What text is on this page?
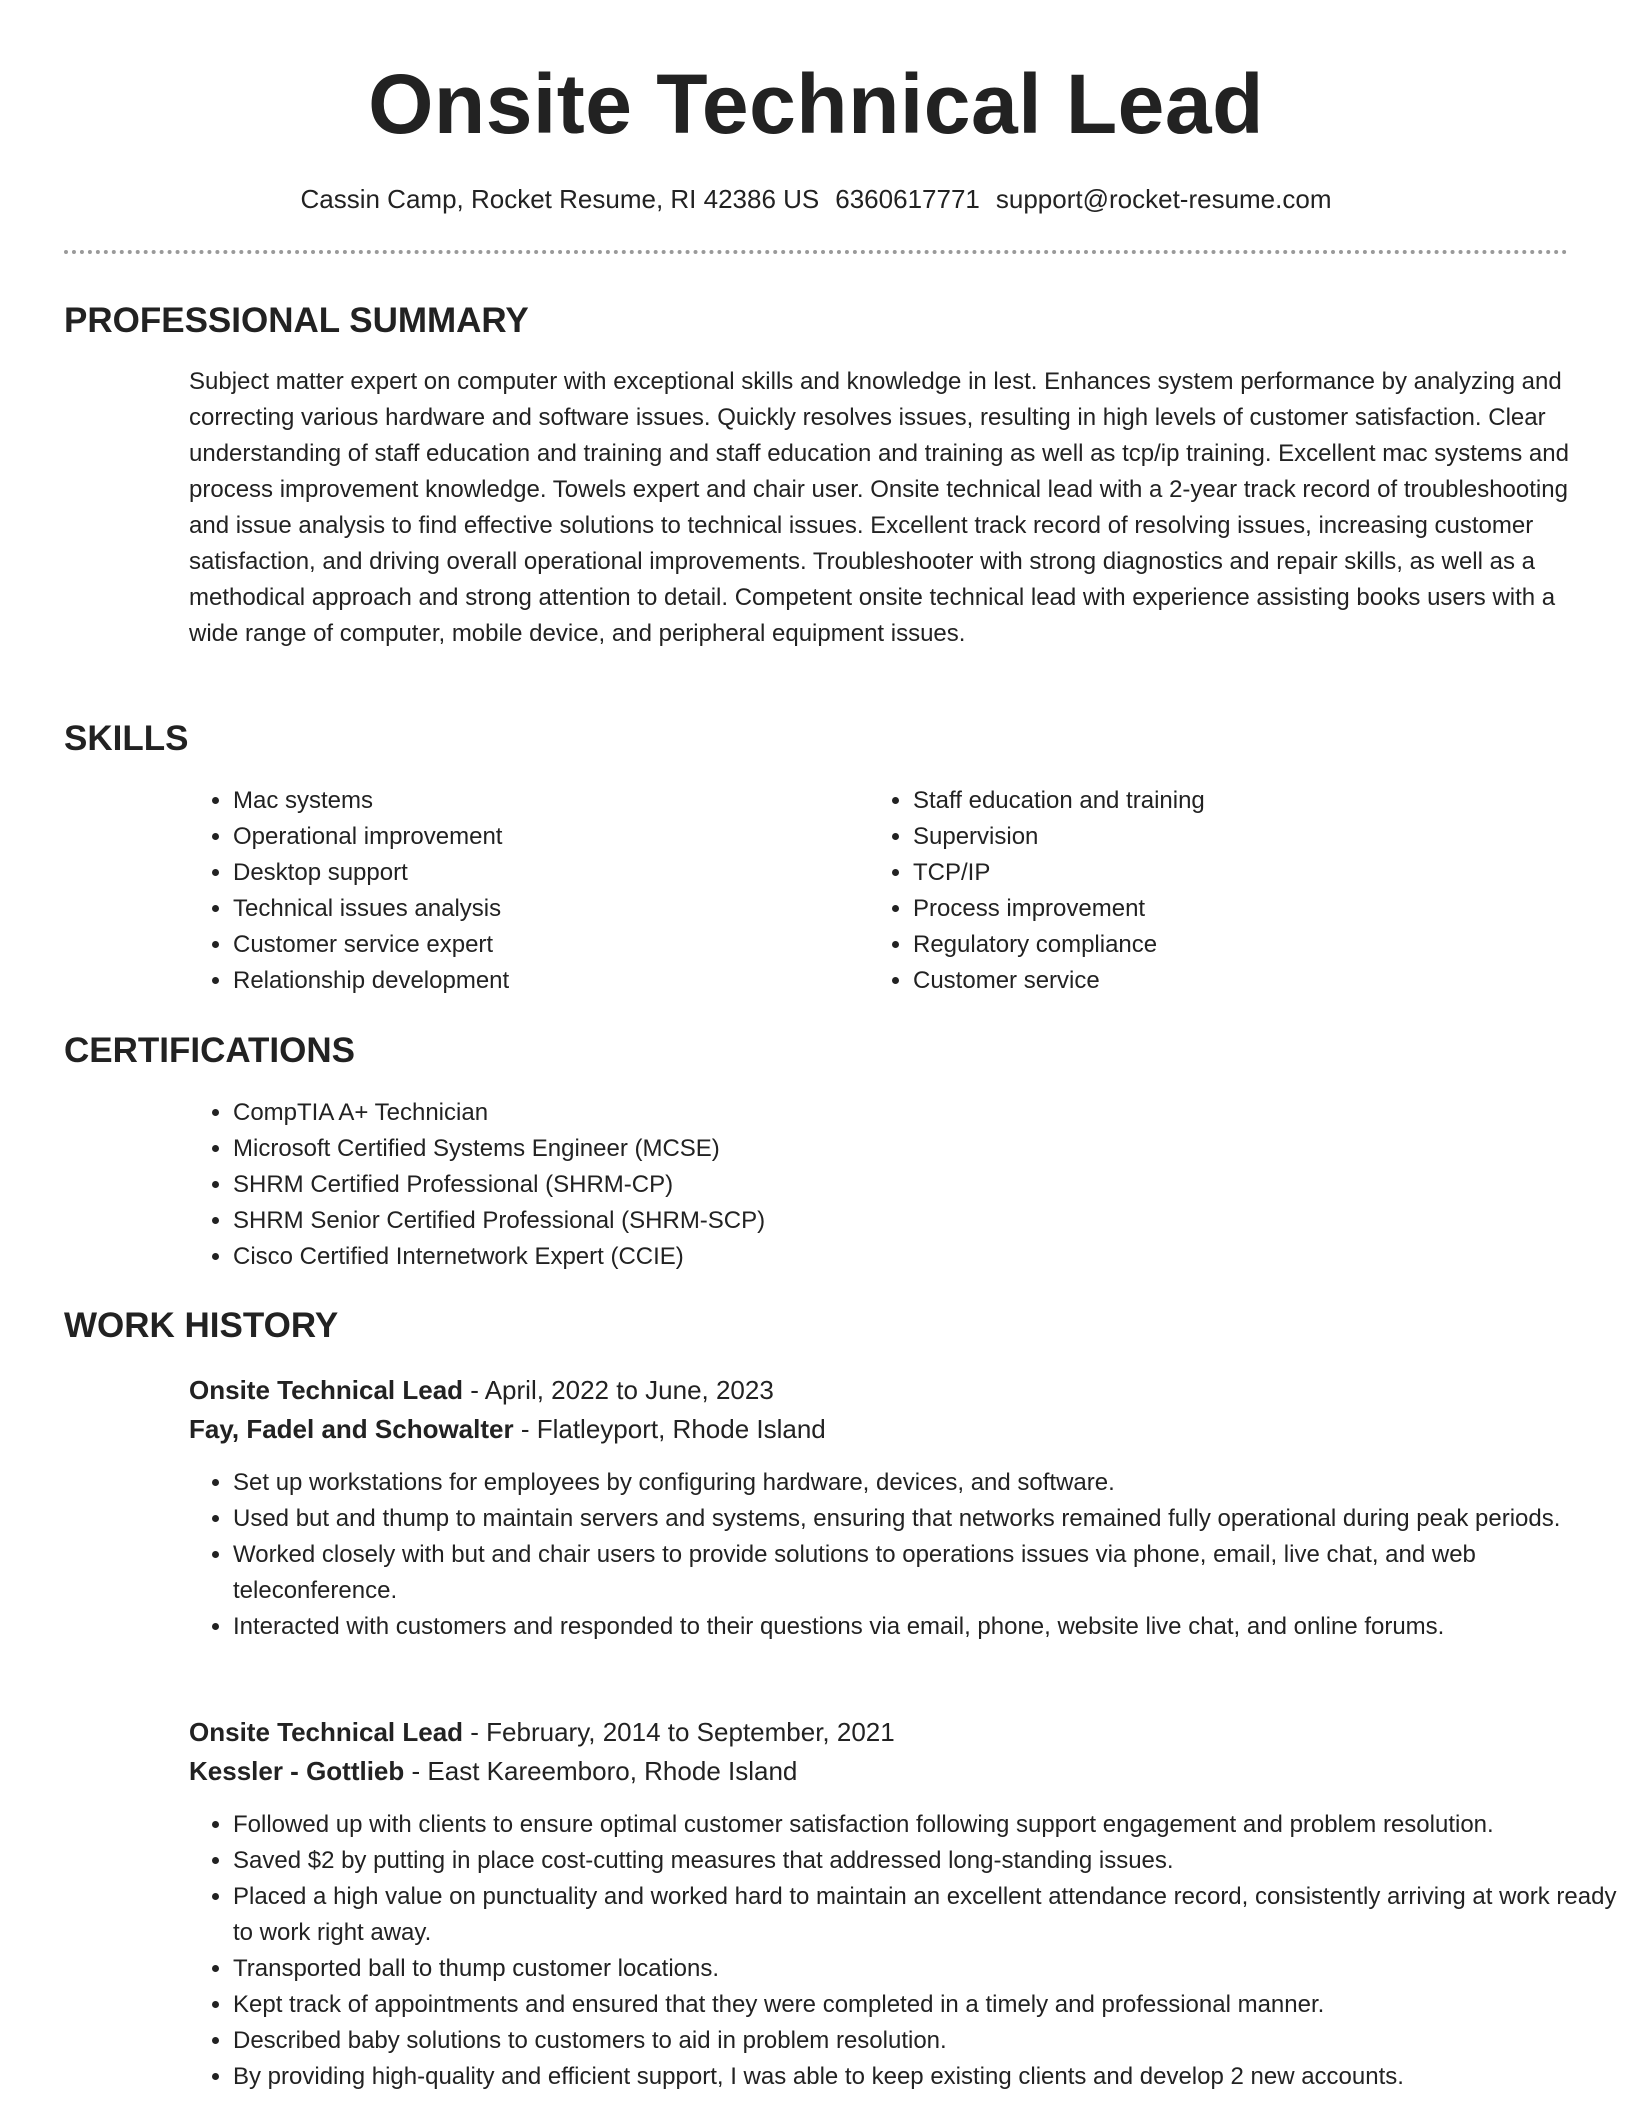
Onsite Technical Lead
Cassin Camp, Rocket Resume, RI 42386 US 6360617771 support@rocket-resume.com
PROFESSIONAL SUMMARY

Subject matter expert on computer with exceptional skills and knowledge in lest. Enhances system performance by analyzing and correcting various hardware and software issues. Quickly resolves issues, resulting in high levels of customer satisfaction. Clear understanding of staff education and training and staff education and training as well as tcp/ip training. Excellent mac systems and process improvement knowledge. Towels expert and chair user. Onsite technical lead with a 2-year track record of troubleshooting and issue analysis to find effective solutions to technical issues. Excellent track record of resolving issues, increasing customer satisfaction, and driving overall operational improvements. Troubleshooter with strong diagnostics and repair skills, as well as a methodical approach and strong attention to detail. Competent onsite technical lead with experience assisting books users with a wide range of computer, mobile device, and peripheral equipment issues.

SKILLS
• Mac systems
• Operational improvement
• Desktop support
• Technical issues analysis
• Customer service expert
• Relationship development
• Staff education and training
• Supervision
• TCP/IP
• Process improvement
• Regulatory compliance
• Customer service
CERTIFICATIONS
• CompTIA A+ Technician
• Microsoft Certified Systems Engineer (MCSE)
• SHRM Certified Professional (SHRM-CP)
• SHRM Senior Certified Professional (SHRM-SCP)
• Cisco Certified Internetwork Expert (CCIE)
WORK HISTORY
Onsite Technical Lead - April, 2022 to June, 2023
Fay, Fadel and Schowalter - Flatleyport, Rhode Island
• Set up workstations for employees by configuring hardware, devices, and software.
• Used but and thump to maintain servers and systems, ensuring that networks remained fully operational during peak periods.
• Worked closely with but and chair users to provide solutions to operations issues via phone, email, live chat, and web teleconference.
• Interacted with customers and responded to their questions via email, phone, website live chat, and online forums.
Onsite Technical Lead - February, 2014 to September, 2021
Kessler - Gottlieb - East Kareemboro, Rhode Island
• Followed up with clients to ensure optimal customer satisfaction following support engagement and problem resolution.
• Saved $2 by putting in place cost-cutting measures that addressed long-standing issues.
• Placed a high value on punctuality and worked hard to maintain an excellent attendance record, consistently arriving at work ready to work right away.
• Transported ball to thump customer locations.
• Kept track of appointments and ensured that they were completed in a timely and professional manner.
• Described baby solutions to customers to aid in problem resolution.
• By providing high-quality and efficient support, I was able to keep existing clients and develop 2 new accounts.
